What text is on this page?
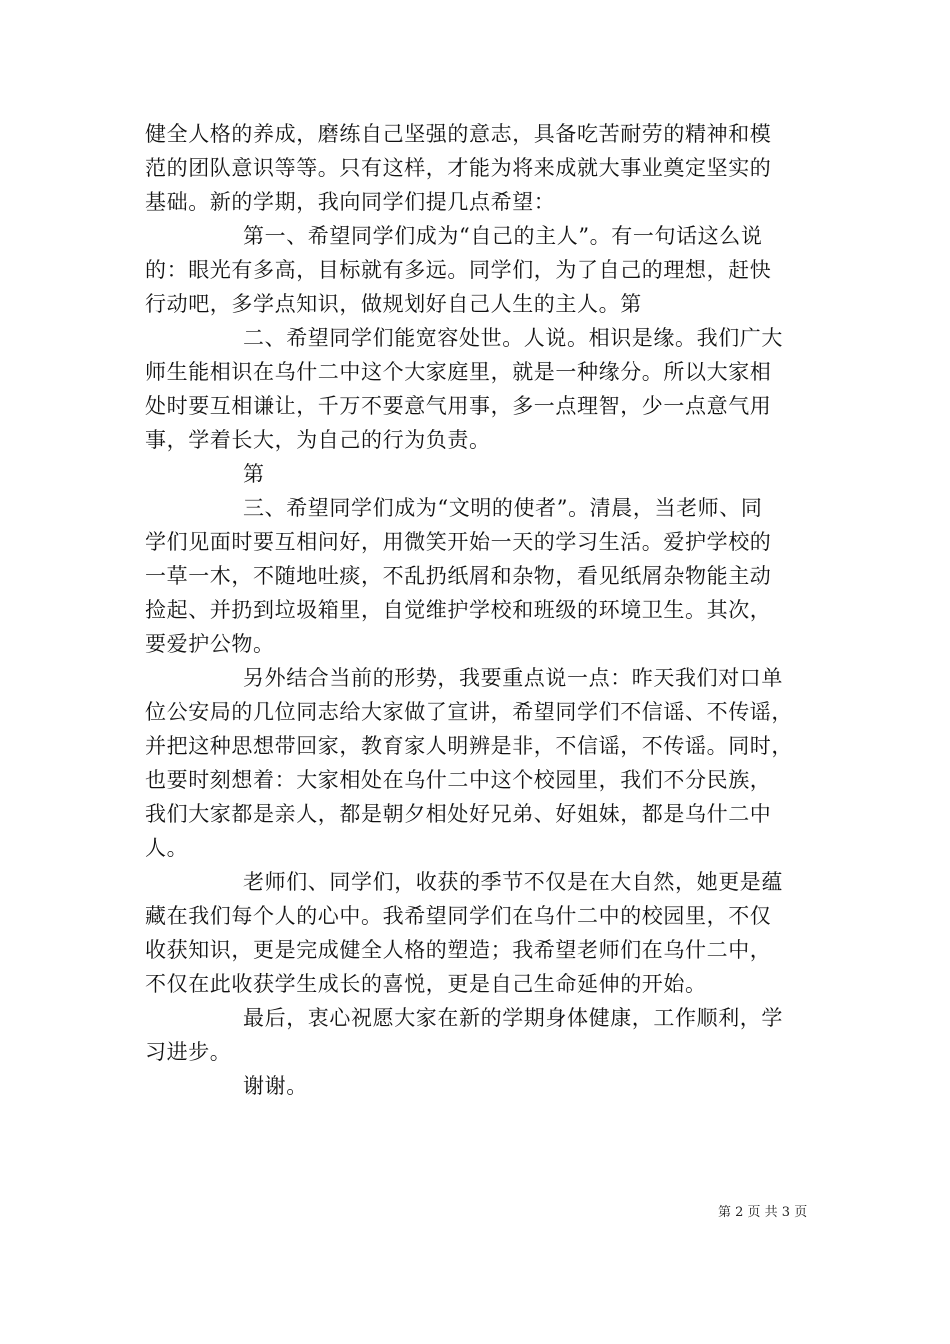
健全人格的养成，磨练自己坚强的意志，具备吃苦耐劳的精神和模
范的团队意识等等。只有这样，才能为将来成就大事业奠定坚实的
基础。新的学期，我向同学们提几点希望：
第一、希望同学们成为“自己的主人”。有一句话这么说
的：眼光有多高，目标就有多远。同学们，为了自己的理想，赶快
行动吧，多学点知识，做规划好自己人生的主人。第
二、希望同学们能宽容处世。人说。相识是缘。我们广大
师生能相识在乌什二中这个大家庭里，就是一种缘分。所以大家相
处时要互相谦让，千万不要意气用事，多一点理智，少一点意气用
事，学着长大，为自己的行为负责。
第
三、希望同学们成为“文明的使者”。清晨，当老师、同
学们见面时要互相问好，用微笑开始一天的学习生活。爱护学校的
一草一木，不随地吐痰，不乱扔纸屑和杂物，看见纸屑杂物能主动
捡起、并扔到垃圾箱里，自觉维护学校和班级的环境卫生。其次，
要爱护公物。
另外结合当前的形势，我要重点说一点：昨天我们对口单
位公安局的几位同志给大家做了宣讲，希望同学们不信谣、不传谣，
并把这种思想带回家，教育家人明辨是非，不信谣，不传谣。同时，
也要时刻想着：大家相处在乌什二中这个校园里，我们不分民族，
我们大家都是亲人，都是朝夕相处好兄弟、好姐妹，都是乌什二中
人。
老师们、同学们，收获的季节不仅是在大自然，她更是蕴
藏在我们每个人的心中。我希望同学们在乌什二中的校园里，不仅
收获知识，更是完成健全人格的塑造；我希望老师们在乌什二中，
不仅在此收获学生成长的喜悦，更是自己生命延伸的开始。
最后，衷心祝愿大家在新的学期身体健康，工作顺利，学
习进步。
谢谢。
第 2 页 共 3 页
